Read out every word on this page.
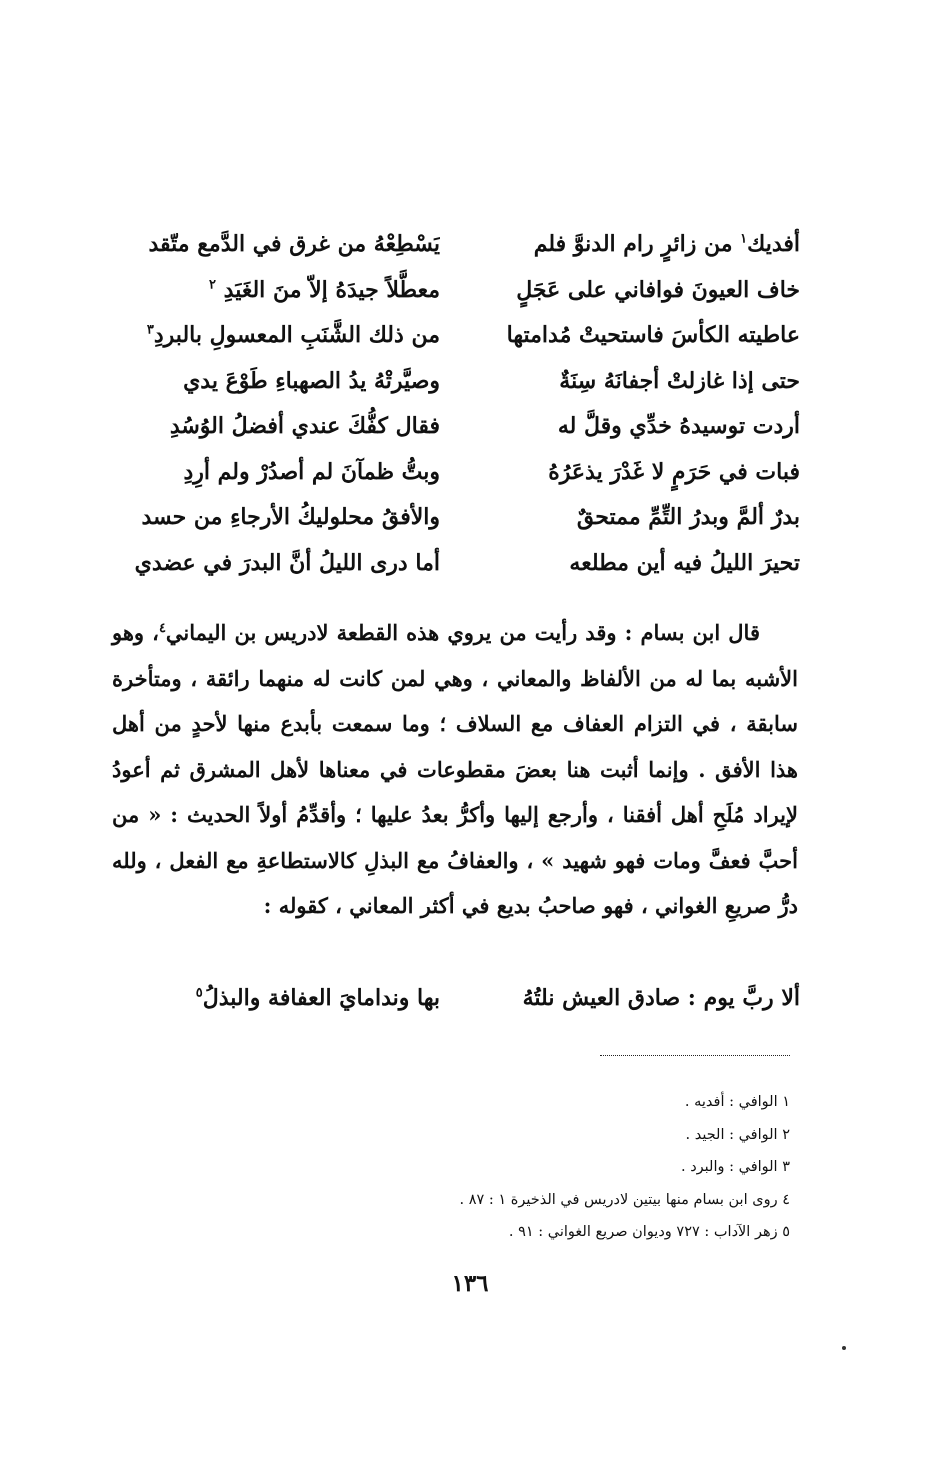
أفديك$^١$ من زائرٍ رام الدنوَّ فلم
يَسْطِعْهُ من غرق في الدَّمع متّقد
خاف العيونَ فوافاني على عَجَلٍ
معطَّلاً جيدَهُ إلاّ منَ الغَيَدِ $^٢$
عاطيته الكأسَ فاستحيتْ مُدامتها
من ذلك الشَّنَبِ المعسولِ بالبردِ$^٣$
حتى إذا غازلتْ أجفانَهُ سِنَةٌ
وصيَّرتْهُ يدُ الصهباءِ طَوْعَ يدي
أردت توسيدهُ خدِّي وقلَّ له
فقال كفُّكَ عندي أفضلُ الوُسُدِ
فبات في حَرَمٍ لا غَدْرَ يذعَرُهُ
وبتُّ ظمآنَ لم أصدُرْ ولم أرِدِ
بدرٌ ألمَّ وبدرُ التِّمِّ ممتحقٌ
والأفقُ محلوليكُ الأرجاءِ من حسد
تحيرَ الليلُ فيه أين مطلعه
أما درى الليلُ أنَّ البدرَ في عضدي
قال ابن بسام : وقد رأيت من يروي هذه القطعة لادريس بن اليماني$^٤$، وهو الأشبه بما له من الألفاظ والمعاني ، وهي لمن كانت له منهما رائقة ، ومتأخرة سابقة ، في التزام العفاف مع السلاف ؛ وما سمعت بأبدع منها لأحدٍ من أهل هذا الأفق . وإنما أثبت هنا بعضَ مقطوعات في معناها لأهل المشرق ثم أعودُ لإيراد مُلَحِ أهل أفقنا ، وأرجع إليها وأكرُّ بعدُ عليها ؛ وأقدِّمُ أولاً الحديث : « من أحبَّ فعفَّ ومات فهو شهيد » ، والعفافُ مع البذلِ كالاستطاعةِ مع الفعل ، ولله درُّ صريعِ الغواني ، فهو صاحبُ بديع في أكثر المعاني ، كقوله :
ألا ربَّ يوم : صادق العيش نلتُهُ
بها وندامايَ العفافة والبذلُ$^٥$
١ الوافي : أفديه .
٢ الوافي : الجيد .
٣ الوافي : والبرد .
٤ روى ابن بسام منها بيتين لادريس في الذخيرة ١ : ٨٧ .
٥ زهر الآداب : ٧٢٧ وديوان صريع الغواني : ٩١ .
١٣٦
